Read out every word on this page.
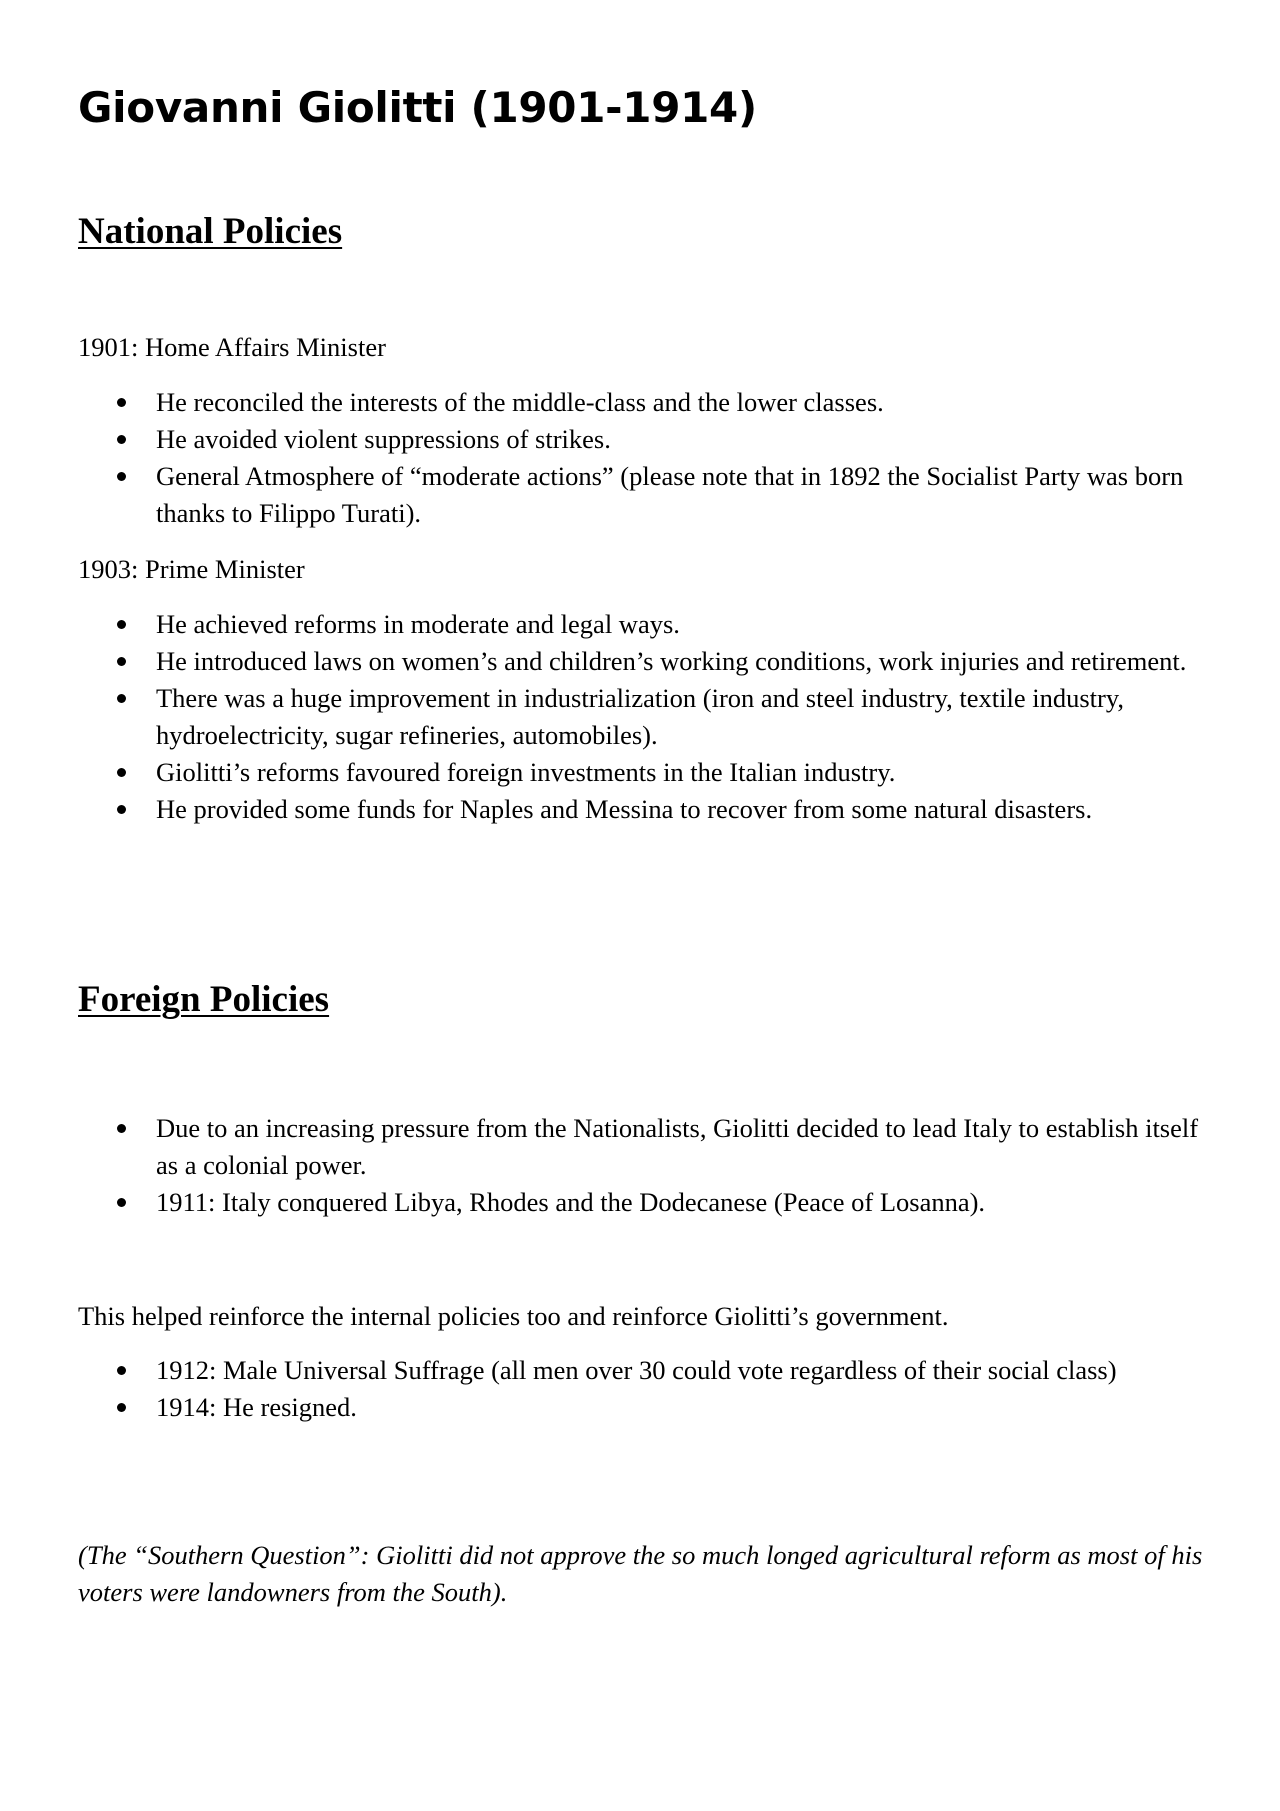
Giovanni Giolitti (1901-1914)
National Policies

1901: Home Affairs Minister

He reconciled the interests of the middle-class and the lower classes.
He avoided violent suppressions of strikes.
General Atmosphere of “moderate actions” (please note that in 1892 the Socialist Party was born thanks to Filippo Turati).

1903: Prime Minister

He achieved reforms in moderate and legal ways.
He introduced laws on women’s and children’s working conditions, work injuries and retirement.
There was a huge improvement in industrialization (iron and steel industry, textile industry, hydroelectricity, sugar refineries, automobiles).
Giolitti’s reforms favoured foreign investments in the Italian industry.
He provided some funds for Naples and Messina to recover from some natural disasters.
Foreign Policies
Due to an increasing pressure from the Nationalists, Giolitti decided to lead Italy to establish itself as a colonial power.
1911: Italy conquered Libya, Rhodes and the Dodecanese (Peace of Losanna).

This helped reinforce the internal policies too and reinforce Giolitti’s government.

1912: Male Universal Suffrage (all men over 30 could vote regardless of their social class)
1914: He resigned.

(The “Southern Question”: Giolitti did not approve the so much longed agricultural reform as most of his voters were landowners from the South).
